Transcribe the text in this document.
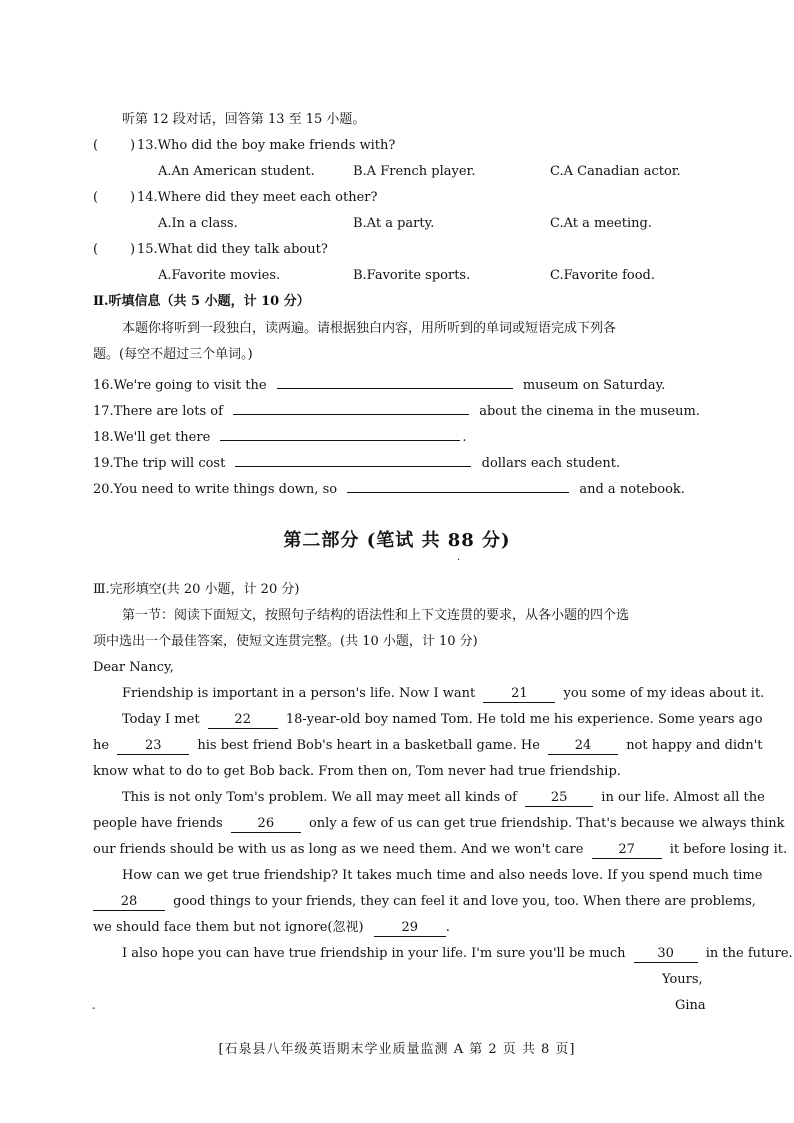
听第 12 段对话，回答第 13 至 15 小题。
( ) 13.Who did the boy make friends with?
A.An American student.	B.A French player.	C.A Canadian actor.
( ) 14.Where did they meet each other?
A.In a class.	B.At a party.	C.At a meeting.
( ) 15.What did they talk about?
A.Favorite movies.	B.Favorite sports.	C.Favorite food.
Ⅱ.听填信息（共 5 小题，计 10 分）
本题你将听到一段独白，读两遍。请根据独白内容，用所听到的单词或短语完成下列各
题。(每空不超过三个单词。)
16.We're going to visit the	museum on Saturday.
17.There are lots of	about the cinema in the museum.
18.We'll get there	.
19.The trip will cost	dollars each student.
20.You need to write things down, so	and a notebook.
第二部分 (笔试 共 88 分)
·
Ⅲ.完形填空(共 20 小题，计 20 分)
第一节：阅读下面短文，按照句子结构的语法性和上下文连贯的要求，从各小题的四个选
项中选出一个最佳答案，使短文连贯完整。(共 10 小题，计 10 分)
Dear Nancy,
Friendship is important in a person's life. Now I want	21	you some of my ideas about it.
Today I met	22	18-year-old boy named Tom. He told me his experience. Some years ago
he	23	his best friend Bob's heart in a basketball game. He	24	not happy and didn't
know what to do to get Bob back. From then on, Tom never had true friendship.
This is not only Tom's problem. We all may meet all kinds of	25	in our life. Almost all the
people have friends	26	only a few of us can get true friendship. That's because we always think
our friends should be with us as long as we need them. And we won't care	27	it before losing it.
How can we get true friendship? It takes much time and also needs love. If you spend much time
28	good things to your friends, they can feel it and love you, too. When there are problems,
we should face them but not ignore(忽视)	29 .
I also hope you can have true friendship in your life. I'm sure you'll be much 30 in the future.
Yours,
Gina
-
[石泉县八年级英语期末学业质量监测 A 第 2 页 共 8 页]
